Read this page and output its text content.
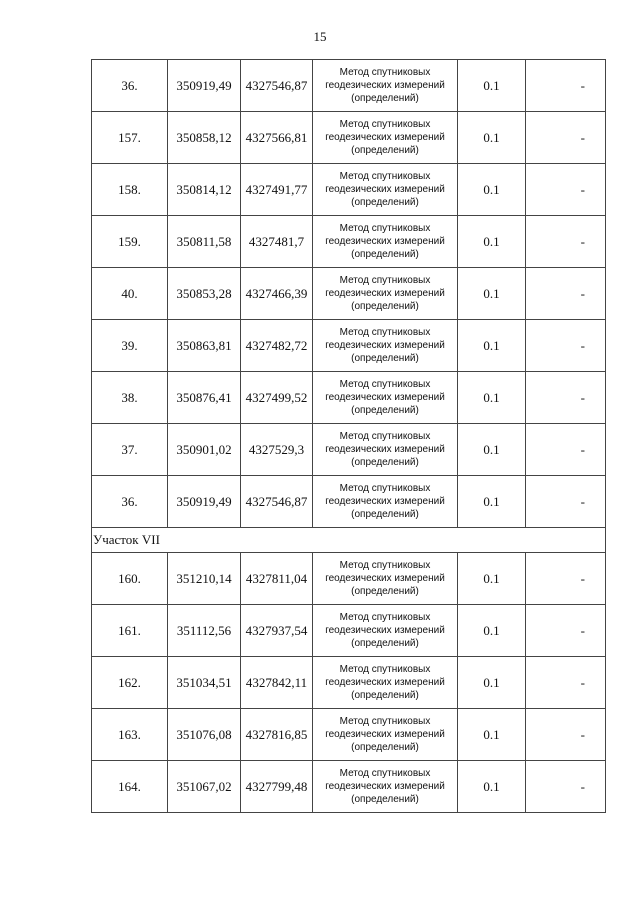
15
36.	350919,49	4327546,87	Метод спутниковых
геодезических измерений
(определений)	0.1	-
157.	350858,12	4327566,81	Метод спутниковых
геодезических измерений
(определений)	0.1	-
158.	350814,12	4327491,77	Метод спутниковых
геодезических измерений
(определений)	0.1	-
159.	350811,58	4327481,7	Метод спутниковых
геодезических измерений
(определений)	0.1	-
40.	350853,28	4327466,39	Метод спутниковых
геодезических измерений
(определений)	0.1	-
39.	350863,81	4327482,72	Метод спутниковых
геодезических измерений
(определений)	0.1	-
38.	350876,41	4327499,52	Метод спутниковых
геодезических измерений
(определений)	0.1	-
37.	350901,02	4327529,3	Метод спутниковых
геодезических измерений
(определений)	0.1	-
36.	350919,49	4327546,87	Метод спутниковых
геодезических измерений
(определений)	0.1	-
Участок VII					
160.	351210,14	4327811,04	Метод спутниковых
геодезических измерений
(определений)	0.1	-
161.	351112,56	4327937,54	Метод спутниковых
геодезических измерений
(определений)	0.1	-
162.	351034,51	4327842,11	Метод спутниковых
геодезических измерений
(определений)	0.1	-
163.	351076,08	4327816,85	Метод спутниковых
геодезических измерений
(определений)	0.1	-
164.	351067,02	4327799,48	Метод спутниковых
геодезических измерений
(определений)	0.1	-
